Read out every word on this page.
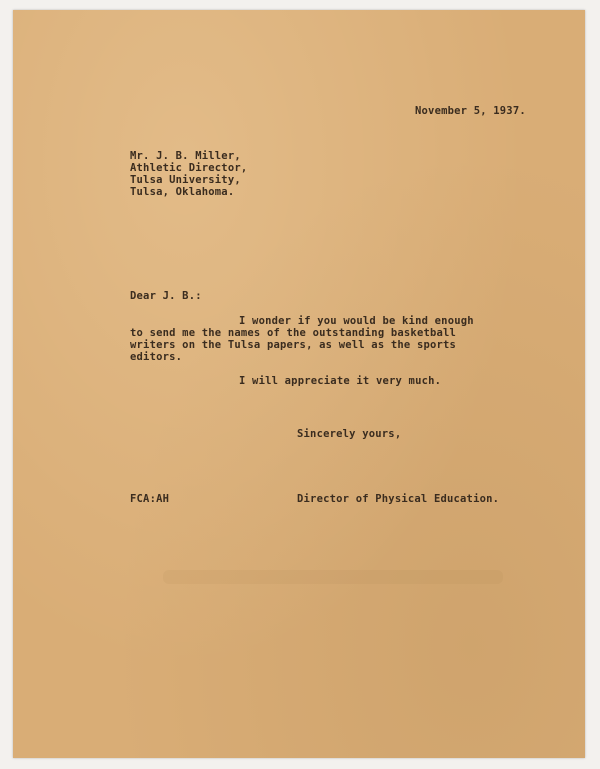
November 5, 1937.

Mr. J. B. Miller,

Athletic Director,

Tulsa University,

Tulsa, Oklahoma.

Dear J. B.:

I wonder if you would be kind enough

to send me the names of the outstanding basketball

writers on the Tulsa papers, as well as the sports

editors.

I will appreciate it very much.

Sincerely yours,

FCA:AH	Director of Physical Education.
